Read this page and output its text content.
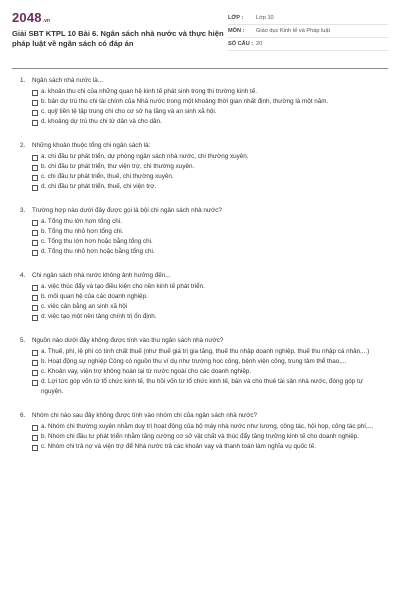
2048 .vn
Giải SBT KTPL 10 Bài 6. Ngân sách nhà nước và thực hiện pháp luật về ngân sách có đáp án
LỚP :	Lớp 10
MÔN :	Giáo dục Kinh tế và Pháp luật
SỐ CÂU : 20
1.	Ngân sách nhà nước là...
a. khoản thu chi của những quan hệ kinh tế phát sinh trong thị trường kinh tế.
b. bản dự trù thu chi tài chính của Nhà nước trong một khoảng thời gian nhất định, thường là một năm.
c. quỹ tiền tệ tập trung chi cho cơ sở hạ tầng và an sinh xã hội.
d. khoảng dự trù thu chi từ dân và cho dân.
2.	Những khoản thuộc tổng chi ngân sách là:
a. chi đầu tư phát triển, dự phòng ngân sách nhà nước, chi thường xuyên.
b. chi đầu tư phát triển, thư viện trợ, chi thường xuyên.
c. chi đầu tư phát triển, thuế, chi thường xuyên.
d. chi đầu tư phát triển, thuế, chi viện trợ.
3.	Trường hợp nào dưới đây được gọi là bội chi ngân sách nhà nước?
a. Tổng thu lớn hơn tổng chi.
b. Tổng thu nhỏ hơn tổng chi.
c. Tổng thu lớn hơn hoặc bằng tổng chi.
d. Tổng thu nhỏ hơn hoặc bằng tổng chi.
4.	Chi ngân sách nhà nước không ảnh hưởng đến...
a. việc thúc đẩy và tạo điều kiện cho nền kinh tế phát triển.
b. mối quan hệ của các doanh nghiệp.
c. việc cân bằng an sinh xã hội
d. việc tạo một nền tảng chính trị ổn định.
5.	Nguồn nào dưới đây không được tính vào thu ngân sách nhà nước?
a. Thuế, phí, lệ phí có tính chất thuế (như thuế giá trị gia tăng, thuế thu nhập doanh nghiệp, thuế thu nhập cá nhân,...)
b. Hoạt động sự nghiệp Công có nguồn thu ví dụ như trường học công, bệnh viện công, trung tâm thể thao,...
c. Khoản vay, viện trợ không hoàn lại từ nước ngoài cho các doanh nghiệp.
d. Lợi tức góp vốn từ tổ chức kinh tế, thu hồi vốn từ tổ chức kinh tế, bán và cho thuê tài sản nhà nước, đóng góp tự nguyện.
6.	Nhóm chi nào sau đây không được tính vào nhóm chi của ngân sách nhà nước?
a. Nhóm chi thường xuyên nhằm duy trì hoạt động của bộ máy nhà nước như lương, công tác, hội họp, công tác phí,...
b. Nhóm chi đầu tư phát triển nhằm tăng cường cơ sở vật chất và thúc đẩy tăng trưởng kinh tế cho doanh nghiệp.
c. Nhóm chi trả nợ và viện trợ để Nhà nước trả các khoản vay và thanh toán làm nghĩa vụ quốc tế.
